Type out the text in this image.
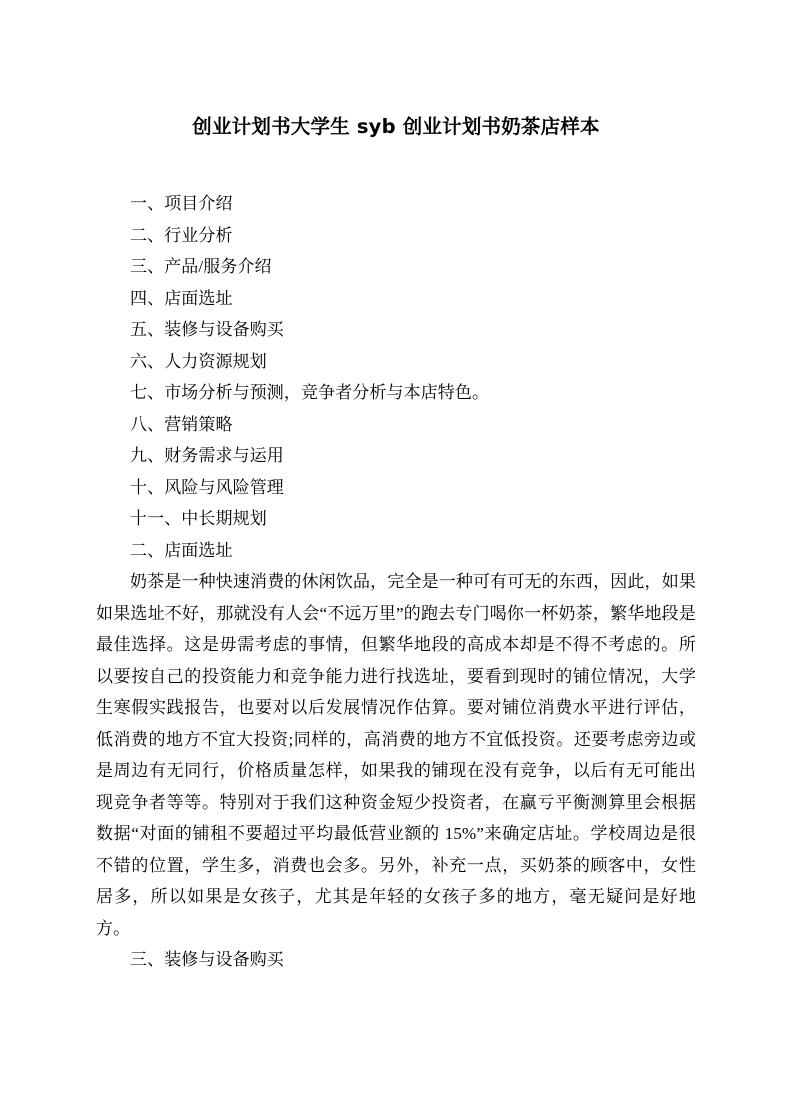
创业计划书大学生 syb 创业计划书奶茶店样本
一、项目介绍
二、行业分析
三、产品/服务介绍
四、店面选址
五、装修与设备购买
六、人力资源规划
七、市场分析与预测，竞争者分析与本店特色。
八、营销策略
九、财务需求与运用
十、风险与风险管理
十一、中长期规划
二、店面选址

奶茶是一种快速消费的休闲饮品，完全是一种可有可无的东西，因此，如果如果选址不好，那就没有人会“不远万里”的跑去专门喝你一杯奶茶，繁华地段是最佳选择。这是毋需考虑的事情，但繁华地段的高成本却是不得不考虑的。所以要按自己的投资能力和竞争能力进行找选址，要看到现时的铺位情况，大学生寒假实践报告，也要对以后发展情况作估算。要对铺位消费水平进行评估，低消费的地方不宜大投资;同样的，高消费的地方不宜低投资。还要考虑旁边或是周边有无同行，价格质量怎样，如果我的铺现在没有竞争，以后有无可能出现竞争者等等。特别对于我们这种资金短少投资者，在赢亏平衡测算里会根据数据“对面的铺租不要超过平均最低营业额的 15%”来确定店址。学校周边是很不错的位置，学生多，消费也会多。另外，补充一点，买奶茶的顾客中，女性居多，所以如果是女孩子，尤其是年轻的女孩子多的地方，毫无疑问是好地方。

三、装修与设备购买
